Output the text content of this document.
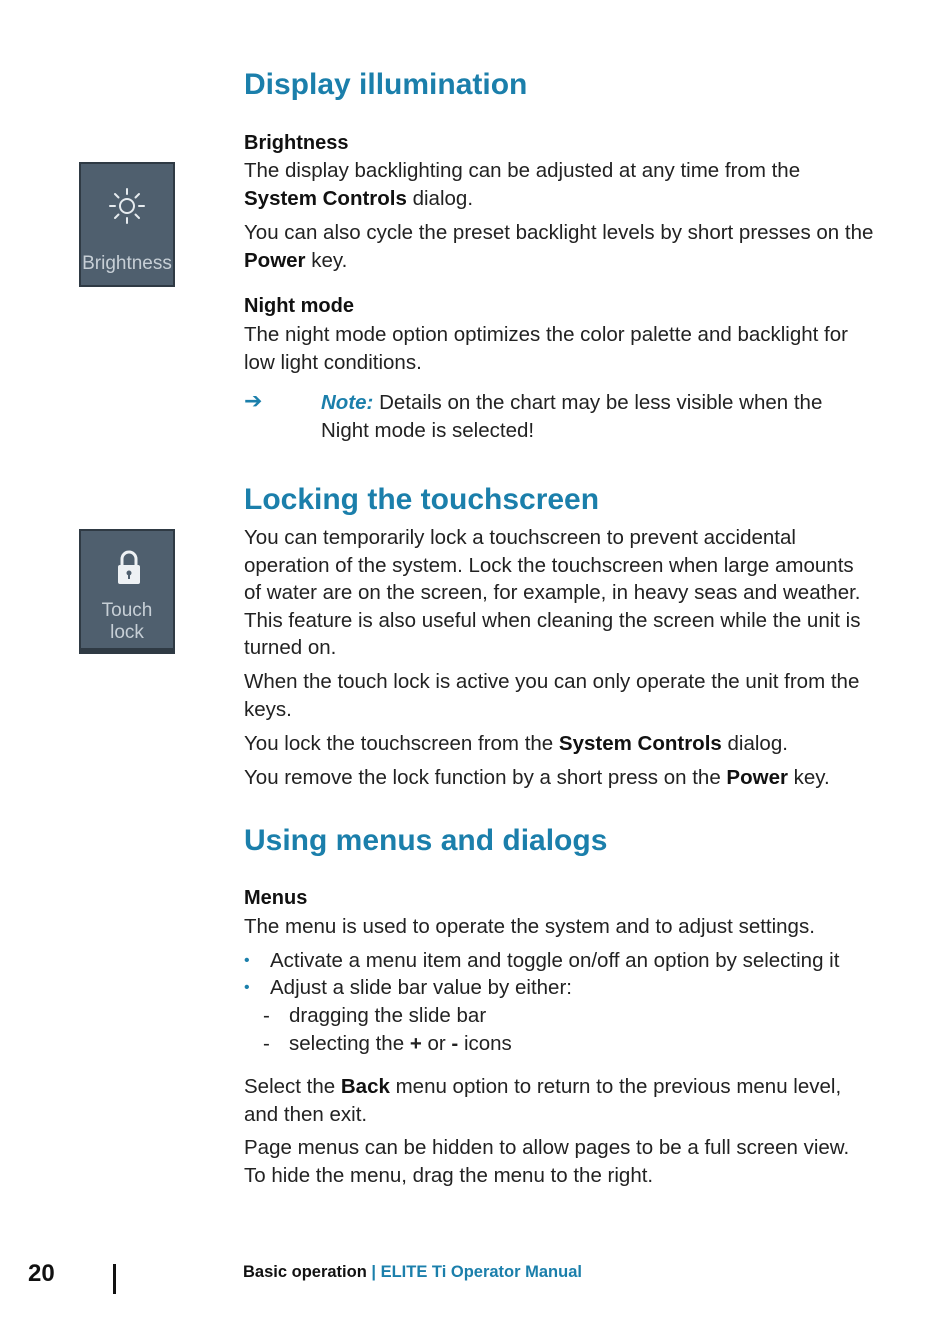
Display illumination
Brightness

The display backlighting can be adjusted at any time from the System Controls dialog.

You can also cycle the preset backlight levels by short presses on the Power key.

Brightness
Night mode

The night mode option optimizes the color palette and backlight for low light conditions.

➔	Note: Details on the chart may be less visible when the Night mode is selected!
Locking the touchscreen
Touch
lock

You can temporarily lock a touchscreen to prevent accidental operation of the system. Lock the touchscreen when large amounts of water are on the screen, for example, in heavy seas and weather. This feature is also useful when cleaning the screen while the unit is turned on.

When the touch lock is active you can only operate the unit from the keys.

You lock the touchscreen from the System Controls dialog.

You remove the lock function by a short press on the Power key.

Using menus and dialogs
Menus

The menu is used to operate the system and to adjust settings.

• Activate a menu item and toggle on/off an option by selecting it
• Adjust a slide bar value by either:
- dragging the slide bar
- selecting the + or - icons

Select the Back menu option to return to the previous menu level, and then exit.

Page menus can be hidden to allow pages to be a full screen view. To hide the menu, drag the menu to the right.

20	Basic operation | ELITE Ti Operator Manual
